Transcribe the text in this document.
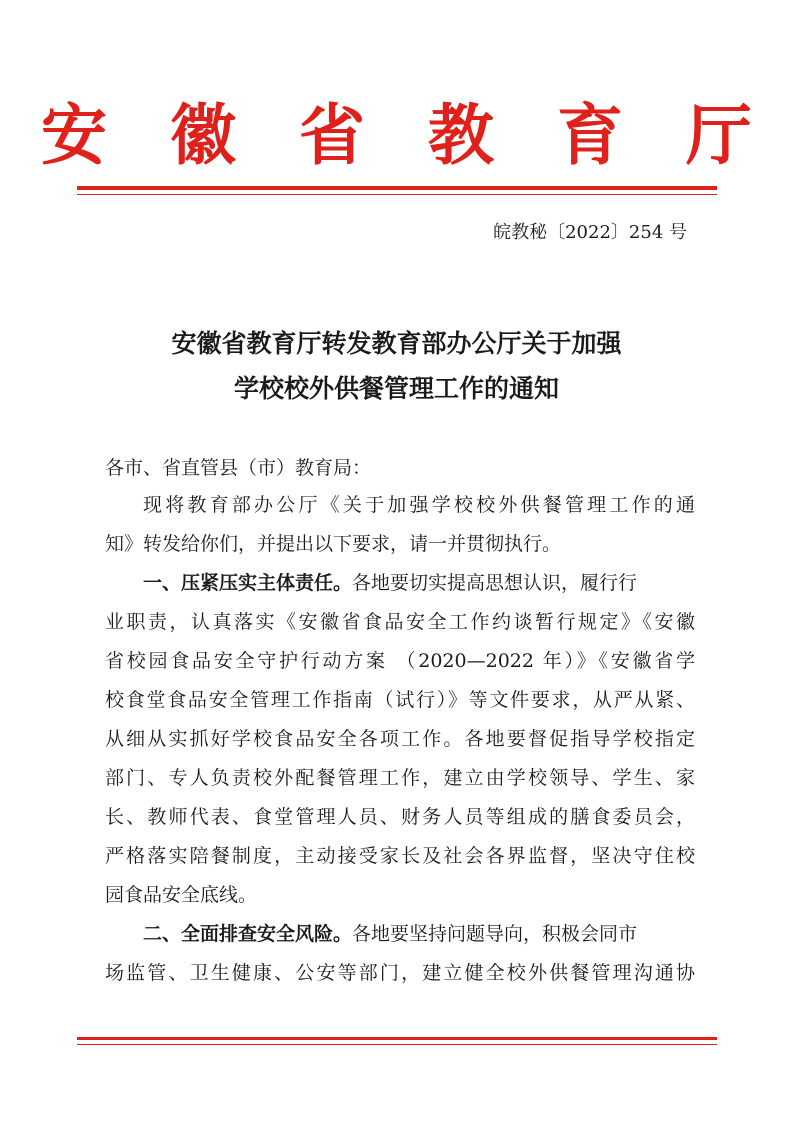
安 徽 省 教 育 厅
皖教秘〔2022〕254 号
安徽省教育厅转发教育部办公厅关于加强
学校校外供餐管理工作的通知
各市、省直管县（市）教育局：
现将教育部办公厅《关于加强学校校外供餐管理工作的通
知》转发给你们，并提出以下要求，请一并贯彻执行。
一、压紧压实主体责任。各地要切实提高思想认识，履行行
业职责，认真落实《安徽省食品安全工作约谈暂行规定》《安徽
省校园食品安全守护行动方案 （2020—2022 年）》《安徽省学
校食堂食品安全管理工作指南（试行）》等文件要求，从严从紧、
从细从实抓好学校食品安全各项工作。各地要督促指导学校指定
部门、专人负责校外配餐管理工作，建立由学校领导、学生、家
长、教师代表、食堂管理人员、财务人员等组成的膳食委员会，
严格落实陪餐制度，主动接受家长及社会各界监督，坚决守住校
园食品安全底线。
二、全面排查安全风险。各地要坚持问题导向，积极会同市
场监管、卫生健康、公安等部门，建立健全校外供餐管理沟通协
